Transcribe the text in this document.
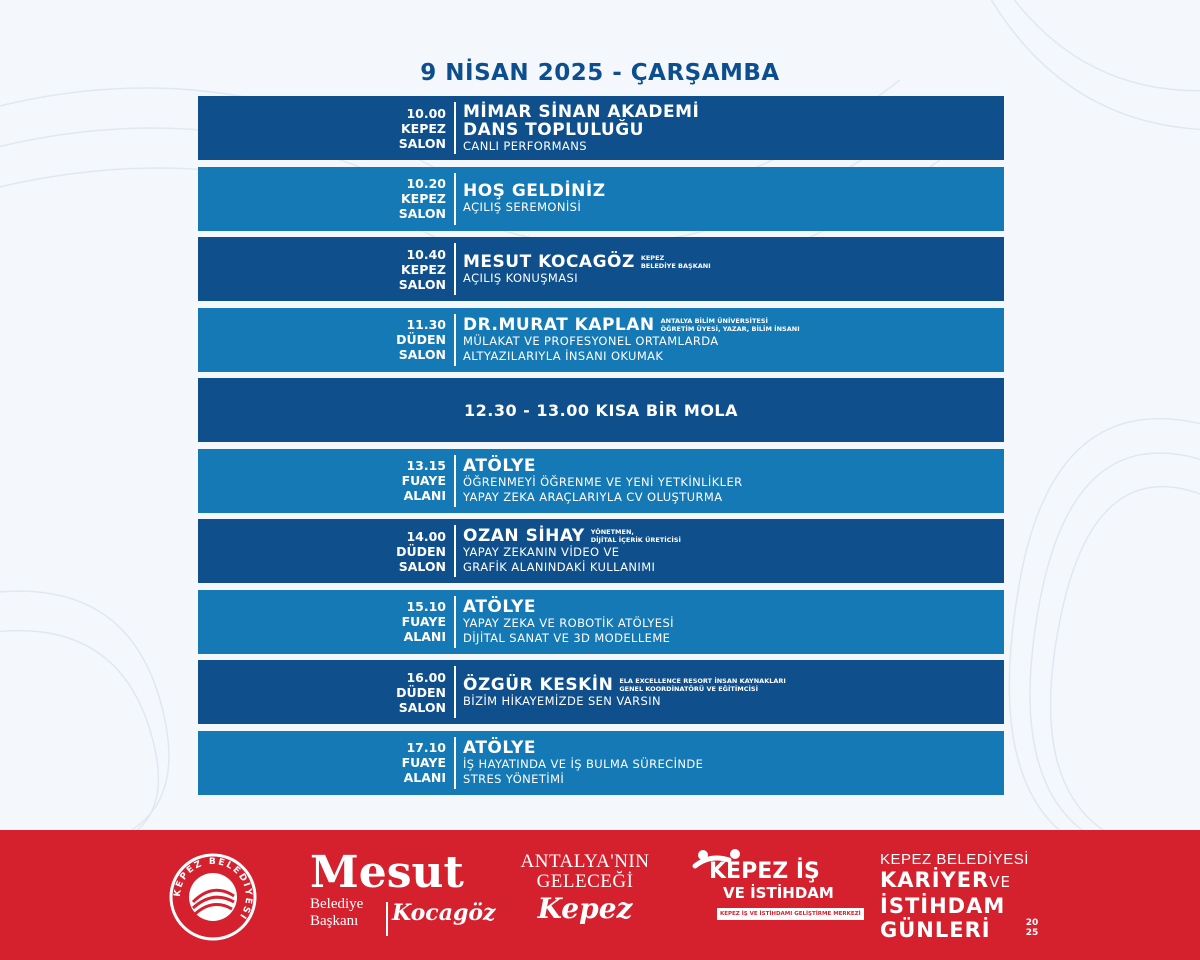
9 NİSAN 2025 - ÇARŞAMBA
10.00
KEPEZ
SALON
MİMAR SİNAN AKADEMİ
DANS TOPLULUĞU
CANLI PERFORMANS
10.20
KEPEZ
SALON
HOŞ GELDİNİZ
AÇILIŞ SEREMONİSİ
10.40
KEPEZ
SALON
MESUT KOCAGÖZ KEPEZ
BELEDİYE BAŞKANI
AÇILIŞ KONUŞMASI
11.30
DÜDEN
SALON
DR.MURAT KAPLAN ANTALYA BİLİM ÜNİVERSİTESİ
ÖĞRETİM ÜYESİ, YAZAR, BİLİM İNSANI
MÜLAKAT VE PROFESYONEL ORTAMLARDA
ALTYAZILARIYLA İNSANI OKUMAK
12.30 - 13.00 KISA BİR MOLA
13.15
FUAYE
ALANI
ATÖLYE
ÖĞRENMEYİ ÖĞRENME VE YENİ YETKİNLİKLER
YAPAY ZEKA ARAÇLARIYLA CV OLUŞTURMA
14.00
DÜDEN
SALON
OZAN SİHAY YÖNETMEN,
DİJİTAL İÇERİK ÜRETİCİSİ
YAPAY ZEKANIN VİDEO VE
GRAFİK ALANINDAKİ KULLANIMI
15.10
FUAYE
ALANI
ATÖLYE
YAPAY ZEKA VE ROBOTİK ATÖLYESİ
DİJİTAL SANAT VE 3D MODELLEME
16.00
DÜDEN
SALON
ÖZGÜR KESKİN ELA EXCELLENCE RESORT İNSAN KAYNAKLARI
GENEL KOORDİNATÖRÜ VE EĞİTİMCİSİ
BİZİM HİKAYEMİZDE SEN VARSIN
17.10
FUAYE
ALANI
ATÖLYE
İŞ HAYATINDA VE İŞ BULMA SÜRECİNDE
STRES YÖNETİMİ
KEPEZ BELEDİYESİ
Mesut
Belediye
Başkanı	Kocagöz
ANTALYA'NIN
GELECEĞİ
Kepez
KEPEZ İŞ
VE İSTİHDAM
KEPEZ İŞ VE İSTİHDAMI GELİŞTİRME MERKEZİ
KEPEZ BELEDİYESİ
KARİYERVE
İSTİHDAM
GÜNLERİ	20
25
